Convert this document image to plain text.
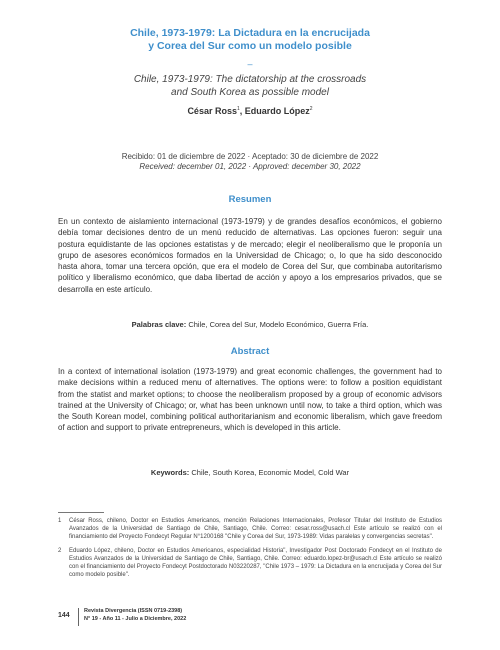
Chile, 1973-1979: La Dictadura en la encrucijada
y Corea del Sur como un modelo posible
–
Chile, 1973-1979: The dictatorship at the crossroads
and South Korea as possible model
César Ross$^1$, Eduardo López$^2$
Recibido: 01 de diciembre de 2022 · Aceptado: 30 de diciembre de 2022
Received: december 01, 2022 · Approved: december 30, 2022
Resumen
En un contexto de aislamiento internacional (1973-1979) y de grandes desafíos económicos, el gobierno debía tomar decisiones dentro de un menú reducido de alternativas. Las opciones fueron: seguir una postura equidistante de las opciones estatistas y de mercado; elegir el neoliberalismo que le proponía un grupo de asesores económicos formados en la Universidad de Chicago; o, lo que ha sido desconocido hasta ahora, tomar una tercera opción, que era el modelo de Corea del Sur, que combinaba autoritarismo político y liberalismo económico, que daba libertad de acción y apoyo a los empresarios privados, que se desarrolla en este artículo.
Palabras clave: Chile, Corea del Sur, Modelo Económico, Guerra Fría.
Abstract
In a context of international isolation (1973-1979) and great economic challenges, the government had to make decisions within a reduced menu of alternatives. The options were: to follow a position equidistant from the statist and market options; to choose the neoliberalism proposed by a group of economic advisors trained at the University of Chicago; or, what has been unknown until now, to take a third option, which was the South Korean model, combining political authoritarianism and economic liberalism, which gave freedom of action and support to private entrepreneurs, which is developed in this article.
Keywords: Chile, South Korea, Economic Model, Cold War
1 César Ross, chileno, Doctor en Estudios Americanos, mención Relaciones Internacionales, Profesor Titular del Instituto de Estudios Avanzados de la Universidad de Santiago de Chile, Santiago, Chile. Correo: cesar.ross@usach.cl Este artículo se realizó con el financiamiento del Proyecto Fondecyt Regular N°1200168 "Chile y Corea del Sur, 1973-1989: Vidas paralelas y convergencias secretas".
2 Eduardo López, chileno, Doctor en Estudios Americanos, especialidad Historia", Investigador Post Doctorado Fondecyt en el Instituto de Estudios Avanzados de la Universidad de Santiago de Chile, Santiago, Chile. Correo: eduardo.lopez-br@usach.cl Este artículo se realizó con el financiamiento del Proyecto Fondecyt Postdoctorado N03220287, "Chile 1973 – 1979: La Dictadura en la encrucijada y Corea del Sur como modelo posible".
144
Revista Divergencia (ISSN 0719-2398)
N° 19 - Año 11 - Julio a Diciembre, 2022
